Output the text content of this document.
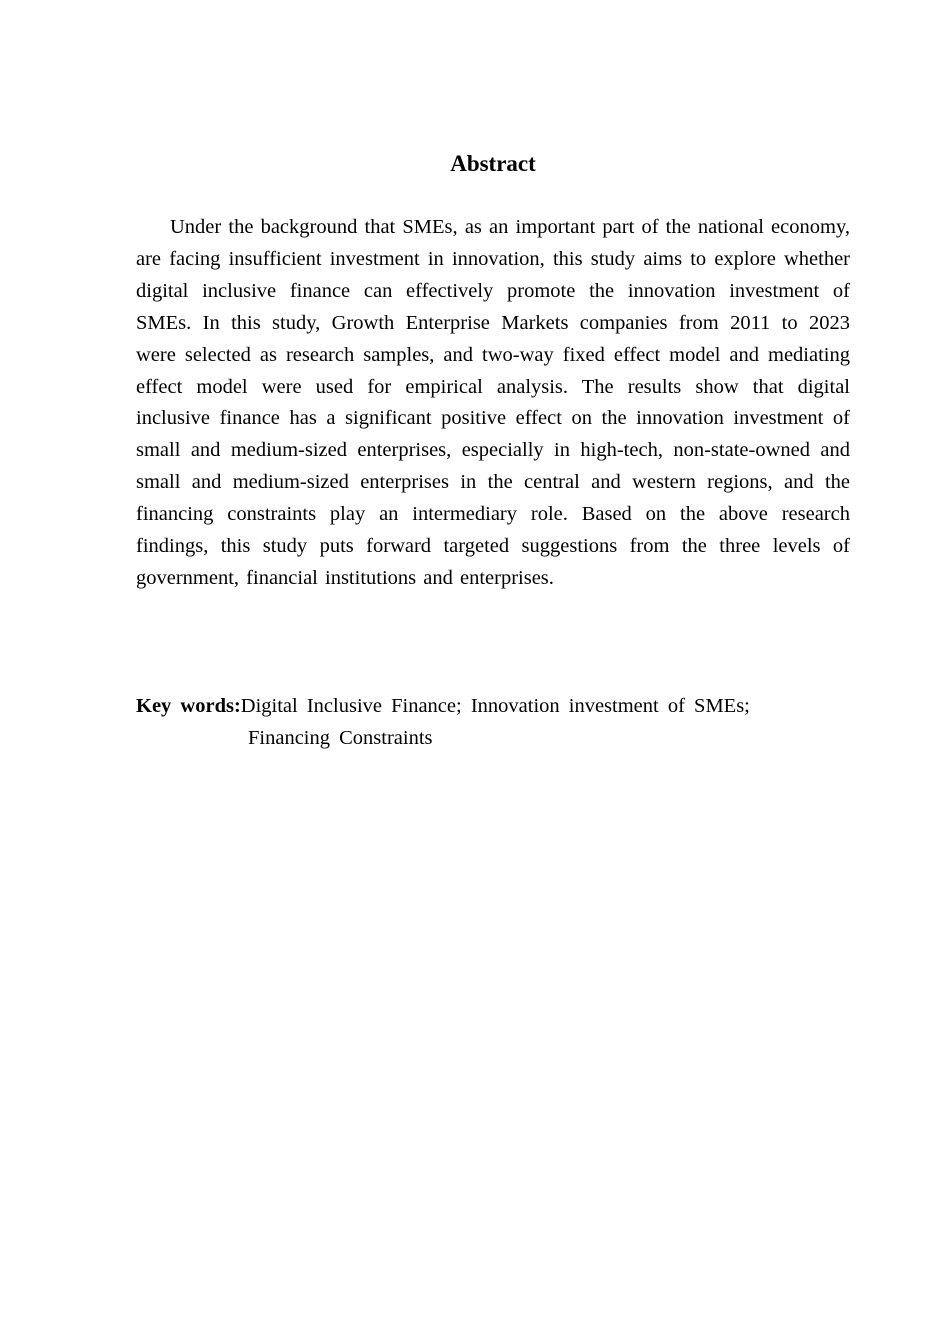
Abstract

Under the background that SMEs, as an important part of the national economy, are facing insufficient investment in innovation, this study aims to explore whether digital inclusive finance can effectively promote the innovation investment of SMEs. In this study, Growth Enterprise Markets companies from 2011 to 2023 were selected as research samples, and two-way fixed effect model and mediating effect model were used for empirical analysis. The results show that digital inclusive finance has a significant positive effect on the innovation investment of small and medium-sized enterprises, especially in high-tech, non-state-owned and small and medium-sized enterprises in the central and western regions, and the financing constraints play an intermediary role. Based on the above research findings, this study puts forward targeted suggestions from the three levels of government, financial institutions and enterprises.

Key words:Digital Inclusive Finance; Innovation investment of SMEs; Financing Constraints
